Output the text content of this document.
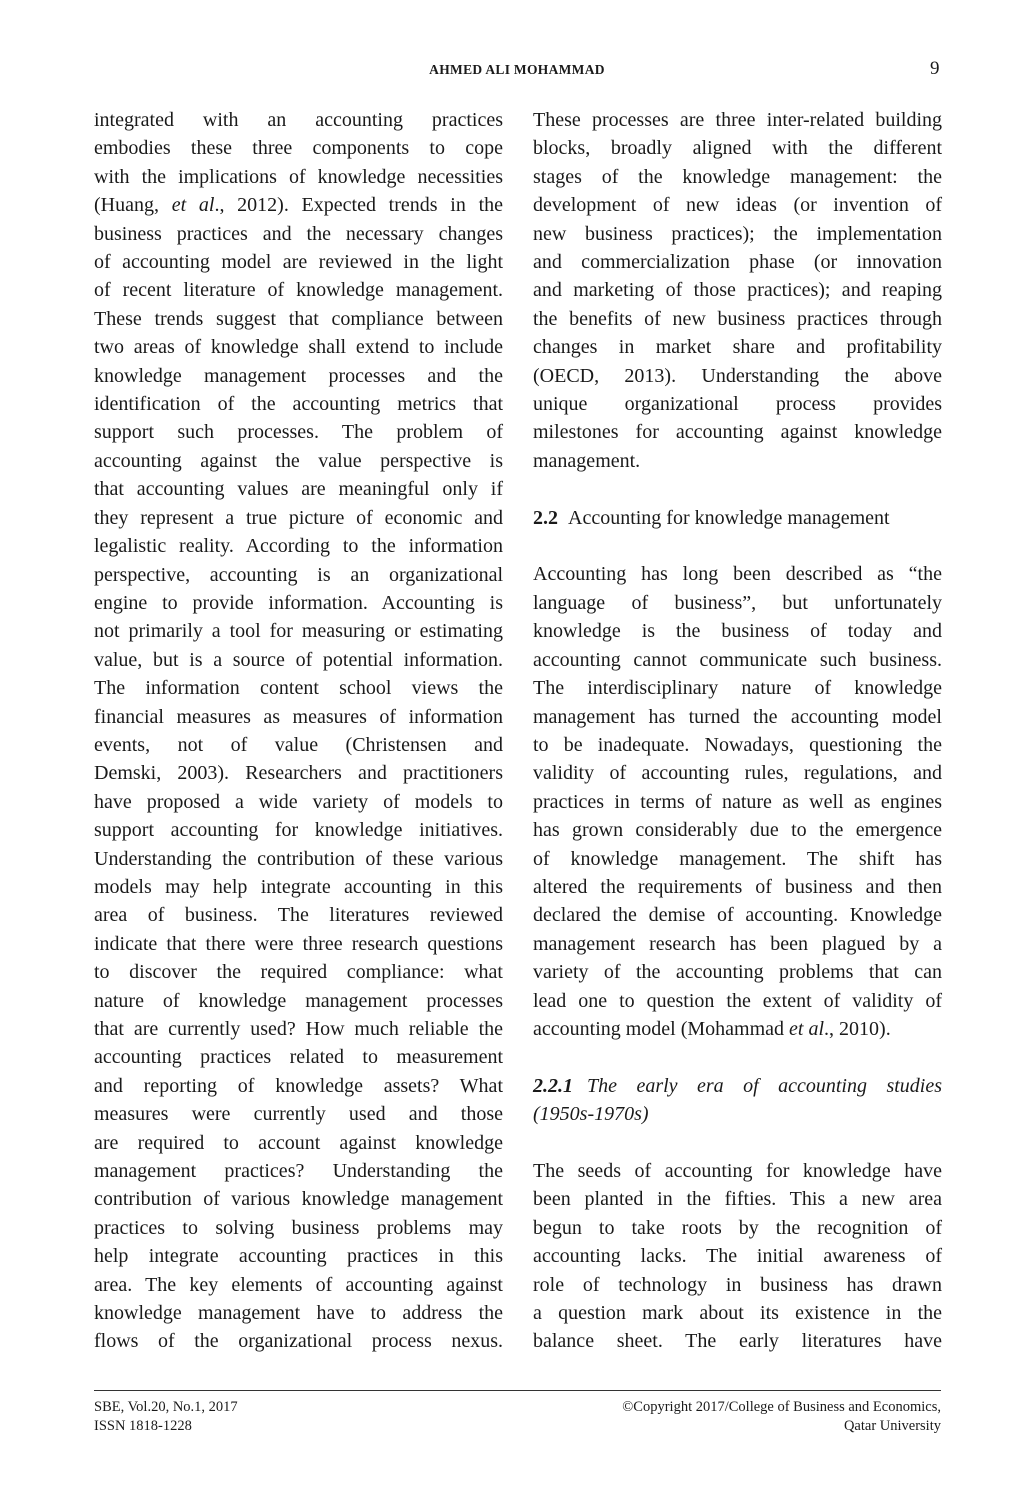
AHMED ALI MOHAMMAD	9

integrated with an accounting practices

embodies these three components to cope

with the implications of knowledge necessities

(Huang, et al., 2012). Expected trends in the

business practices and the necessary changes

of accounting model are reviewed in the light

of recent literature of knowledge management.

These trends suggest that compliance between

two areas of knowledge shall extend to include

knowledge management processes and the

identification of the accounting metrics that

support such processes. The problem of

accounting against the value perspective is

that accounting values are meaningful only if

they represent a true picture of economic and

legalistic reality. According to the information

perspective, accounting is an organizational

engine to provide information. Accounting is

not primarily a tool for measuring or estimating

value, but is a source of potential information.

The information content school views the

financial measures as measures of information

events, not of value (Christensen and

Demski, 2003). Researchers and practitioners

have proposed a wide variety of models to

support accounting for knowledge initiatives.

Understanding the contribution of these various

models may help integrate accounting in this

area of business. The literatures reviewed

indicate that there were three research questions

to discover the required compliance: what

nature of knowledge management processes

that are currently used? How much reliable the

accounting practices related to measurement

and reporting of knowledge assets? What

measures were currently used and those

are required to account against knowledge

management practices? Understanding the

contribution of various knowledge management

practices to solving business problems may

help integrate accounting practices in this

area. The key elements of accounting against

knowledge management have to address the

flows of the organizational process nexus.

These processes are three inter-related building

blocks, broadly aligned with the different

stages of the knowledge management: the

development of new ideas (or invention of

new business practices); the implementation

and commercialization phase (or innovation

and marketing of those practices); and reaping

the benefits of new business practices through

changes in market share and profitability

(OECD, 2013). Understanding the above

unique organizational process provides

milestones for accounting against knowledge

management.

2.2 Accounting for knowledge management

Accounting has long been described as “the

language of business”, but unfortunately

knowledge is the business of today and

accounting cannot communicate such business.

The interdisciplinary nature of knowledge

management has turned the accounting model

to be inadequate. Nowadays, questioning the

validity of accounting rules, regulations, and

practices in terms of nature as well as engines

has grown considerably due to the emergence

of knowledge management. The shift has

altered the requirements of business and then

declared the demise of accounting. Knowledge

management research has been plagued by a

variety of the accounting problems that can

lead one to question the extent of validity of

accounting model (Mohammad et al., 2010).

2.2.1 The early era of accounting studies
(1950s-1970s)

The seeds of accounting for knowledge have

been planted in the fifties. This a new area

begun to take roots by the recognition of

accounting lacks. The initial awareness of

role of technology in business has drawn

a question mark about its existence in the

balance sheet. The early literatures have

SBE, Vol.20, No.1, 2017
ISSN 1818-1228
©Copyright 2017/College of Business and Economics,
Qatar University
